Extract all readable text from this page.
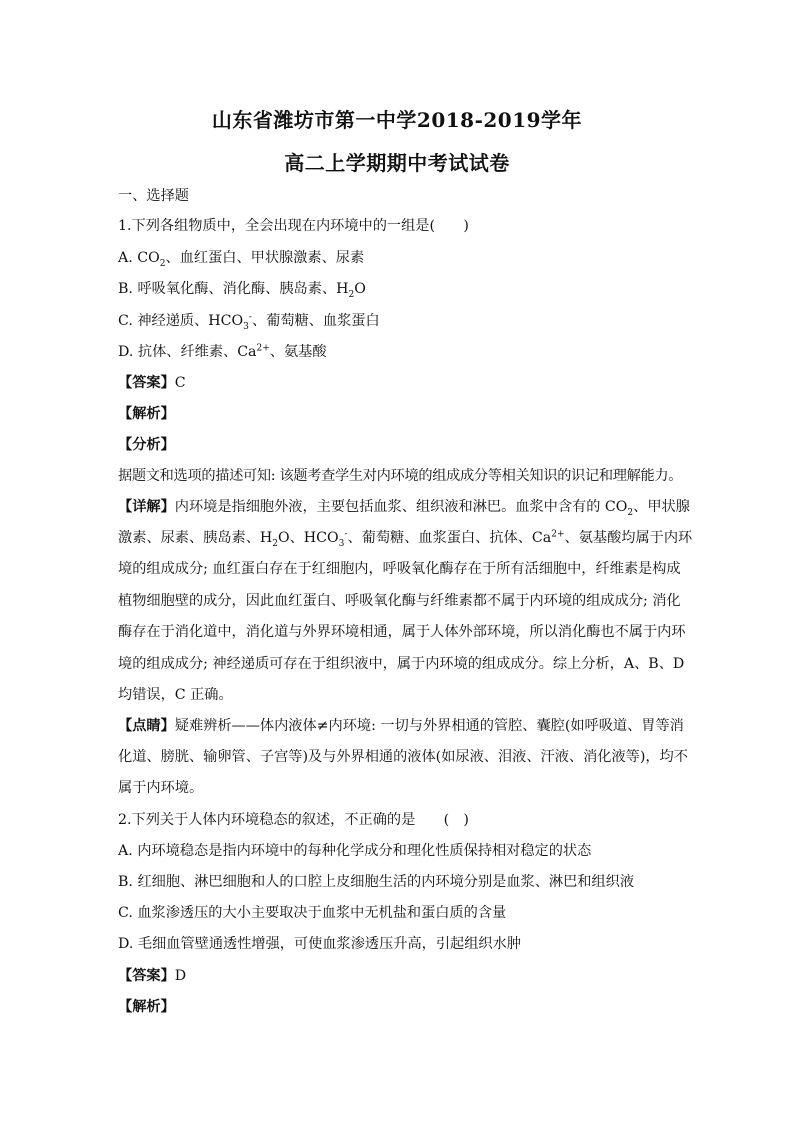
山东省潍坊市第一中学2018-2019学年
高二上学期期中考试试卷
一、选择题
1.下列各组物质中，全会出现在内环境中的一组是(　　)
A. $CO_2$、血红蛋白、甲状腺激素、尿素
B. 呼吸氧化酶、消化酶、胰岛素、$H_2O$
C. 神经递质、$HCO_3^-$、葡萄糖、血浆蛋白
D. 抗体、纤维素、$Ca^{2+}$、氨基酸
【答案】C
【解析】
【分析】
据题文和选项的描述可知: 该题考查学生对内环境的组成成分等相关知识的识记和理解能力。
【详解】内环境是指细胞外液，主要包括血浆、组织液和淋巴。血浆中含有的 $CO_2$、甲状腺
激素、尿素、胰岛素、$H_2O$、$HCO_3^-$、葡萄糖、血浆蛋白、抗体、$Ca^{2+}$、氨基酸均属于内环
境的组成成分; 血红蛋白存在于红细胞内，呼吸氧化酶存在于所有活细胞中，纤维素是构成
植物细胞壁的成分，因此血红蛋白、呼吸氧化酶与纤维素都不属于内环境的组成成分; 消化
酶存在于消化道中，消化道与外界环境相通，属于人体外部环境，所以消化酶也不属于内环
境的组成成分; 神经递质可存在于组织液中，属于内环境的组成成分。综上分析，A、B、D
均错误，C 正确。
【点睛】疑难辨析——体内液体≠内环境: 一切与外界相通的管腔、囊腔(如呼吸道、胃等消
化道、膀胱、输卵管、子宫等)及与外界相通的液体(如尿液、泪液、汗液、消化液等)，均不
属于内环境。
2.下列关于人体内环境稳态的叙述，不正确的是　　(　)
A. 内环境稳态是指内环境中的每种化学成分和理化性质保持相对稳定的状态
B. 红细胞、淋巴细胞和人的口腔上皮细胞生活的内环境分别是血浆、淋巴和组织液
C. 血浆渗透压的大小主要取决于血浆中无机盐和蛋白质的含量
D. 毛细血管壁通透性增强，可使血浆渗透压升高，引起组织水肿
【答案】D
【解析】
